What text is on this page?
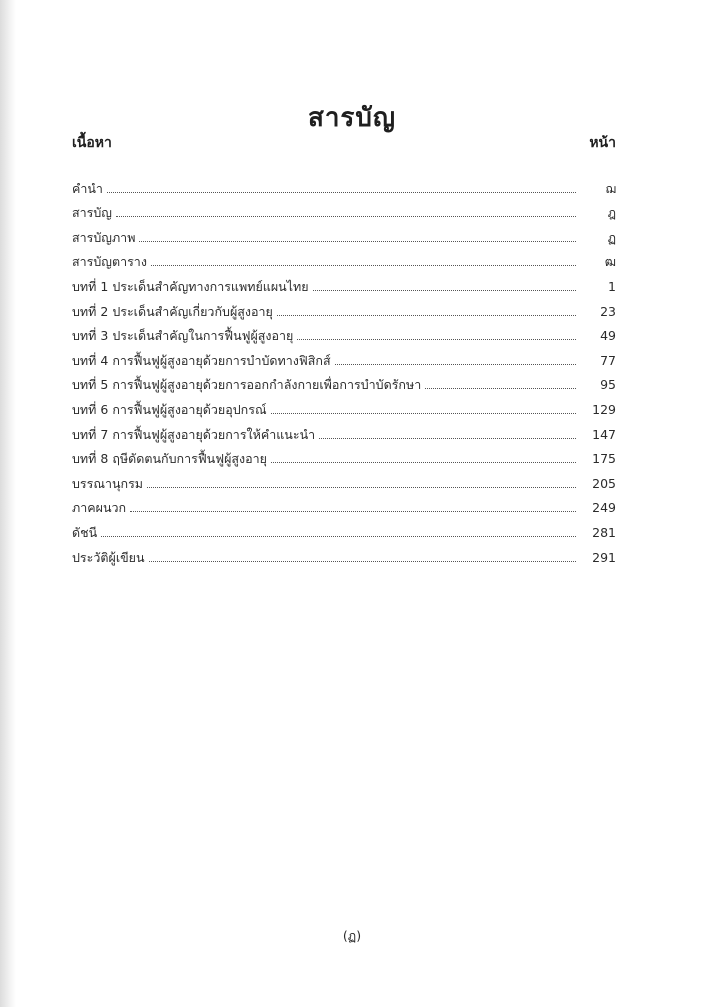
สารบัญ
เนื้อหา	หน้า
คำนำ	ฌ
สารบัญ	ฎ
สารบัญภาพ	ฏ
สารบัญตาราง	ฒ
บทที่ 1 ประเด็นสำคัญทางการแพทย์แผนไทย	1
บทที่ 2 ประเด็นสำคัญเกี่ยวกับผู้สูงอายุ	23
บทที่ 3 ประเด็นสำคัญในการฟื้นฟูผู้สูงอายุ	49
บทที่ 4 การฟื้นฟูผู้สูงอายุด้วยการบำบัดทางฟิสิกส์	77
บทที่ 5 การฟื้นฟูผู้สูงอายุด้วยการออกกำลังกายเพื่อการบำบัดรักษา	95
บทที่ 6 การฟื้นฟูผู้สูงอายุด้วยอุปกรณ์	129
บทที่ 7 การฟื้นฟูผู้สูงอายุด้วยการให้คำแนะนำ	147
บทที่ 8 ฤษีดัดตนกับการฟื้นฟูผู้สูงอายุ	175
บรรณานุกรม	205
ภาคผนวก	249
ดัชนี	281
ประวัติผู้เขียน	291
(ฏ)
